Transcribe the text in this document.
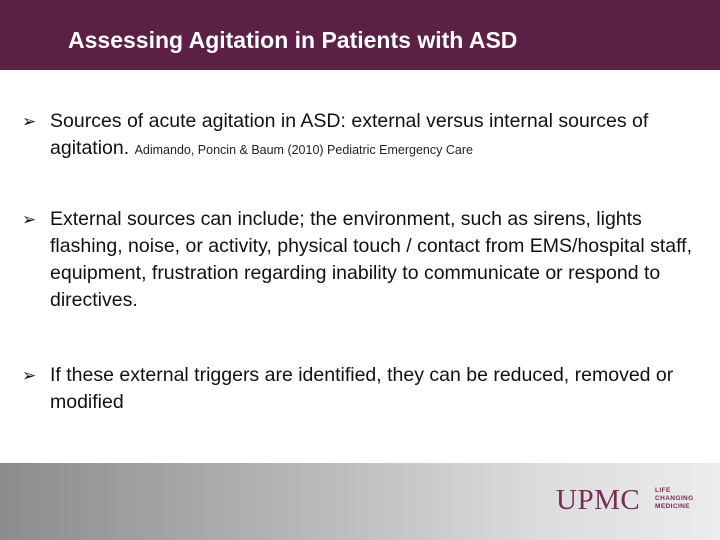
Assessing Agitation in Patients with ASD
➢ Sources of acute agitation in ASD: external versus internal sources of agitation. Adimando, Poncin & Baum (2010) Pediatric Emergency Care
➢ External sources can include; the environment, such as sirens, lights flashing, noise, or activity, physical touch / contact from EMS/hospital staff, equipment, frustration regarding inability to communicate or respond to directives.
➢ If these external triggers are identified, they can be reduced, removed or modified
UPMC LIFE
CHANGING
MEDICINE
